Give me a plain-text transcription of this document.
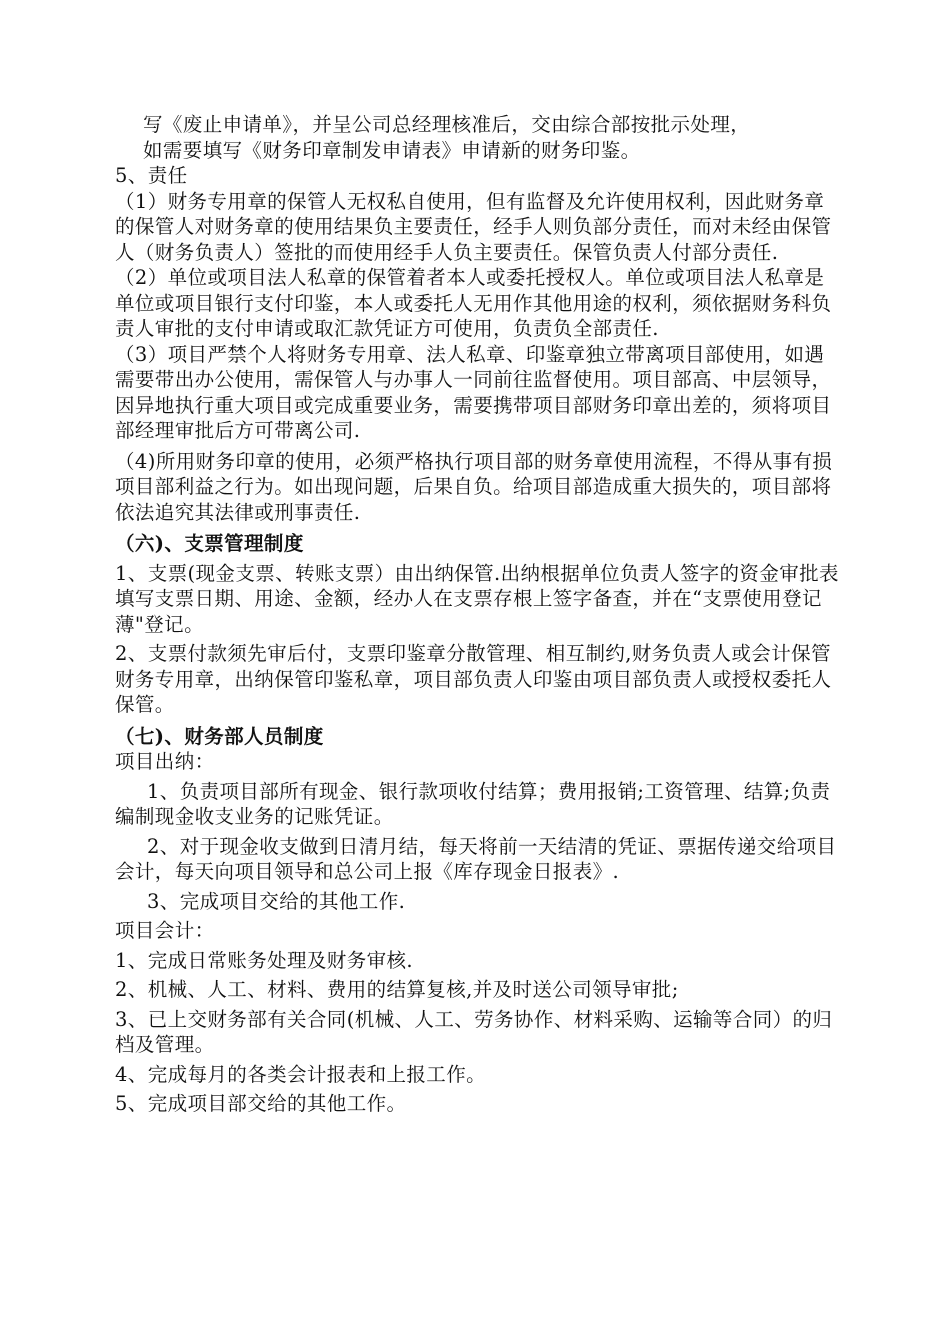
写《废止申请单》，并呈公司总经理核准后，交由综合部按批示处理，

如需要填写《财务印章制发申请表》申请新的财务印鉴。

5、责任

（1）财务专用章的保管人无权私自使用，但有监督及允许使用权利，因此财务章的保管人对财务章的使用结果负主要责任，经手人则负部分责任，而对未经由保管人（财务负责人）签批的而使用经手人负主要责任。保管负责人付部分责任.

（2）单位或项目法人私章的保管着者本人或委托授权人。单位或项目法人私章是单位或项目银行支付印鉴，本人或委托人无用作其他用途的权利，须依据财务科负责人审批的支付申请或取汇款凭证方可使用，负责负全部责任.

（3）项目严禁个人将财务专用章、法人私章、印鉴章独立带离项目部使用，如遇需要带出办公使用，需保管人与办事人一同前往监督使用。项目部高、中层领导，因异地执行重大项目或完成重要业务，需要携带项目部财务印章出差的，须将项目部经理审批后方可带离公司.

（4)所用财务印章的使用，必须严格执行项目部的财务章使用流程，不得从事有损项目部利益之行为。如出现问题，后果自负。给项目部造成重大损失的，项目部将依法追究其法律或刑事责任.

（六)、支票管理制度

1、支票(现金支票、转账支票）由出纳保管.出纳根据单位负责人签字的资金审批表填写支票日期、用途、金额，经办人在支票存根上签字备查，并在“支票使用登记薄"登记。

2、支票付款须先审后付，支票印鉴章分散管理、相互制约,财务负责人或会计保管财务专用章，出纳保管印鉴私章，项目部负责人印鉴由项目部负责人或授权委托人保管。

（七)、财务部人员制度

项目出纳：

1、负责项目部所有现金、银行款项收付结算；费用报销;工资管理、结算;负责编制现金收支业务的记账凭证。

2、对于现金收支做到日清月结，每天将前一天结清的凭证、票据传递交给项目会计，每天向项目领导和总公司上报《库存现金日报表》.

3、完成项目交给的其他工作.

项目会计：

1、完成日常账务处理及财务审核.

2、机械、人工、材料、费用的结算复核,并及时送公司领导审批;

3、已上交财务部有关合同(机械、人工、劳务协作、材料采购、运输等合同）的归档及管理。

4、完成每月的各类会计报表和上报工作。

5、完成项目部交给的其他工作。
